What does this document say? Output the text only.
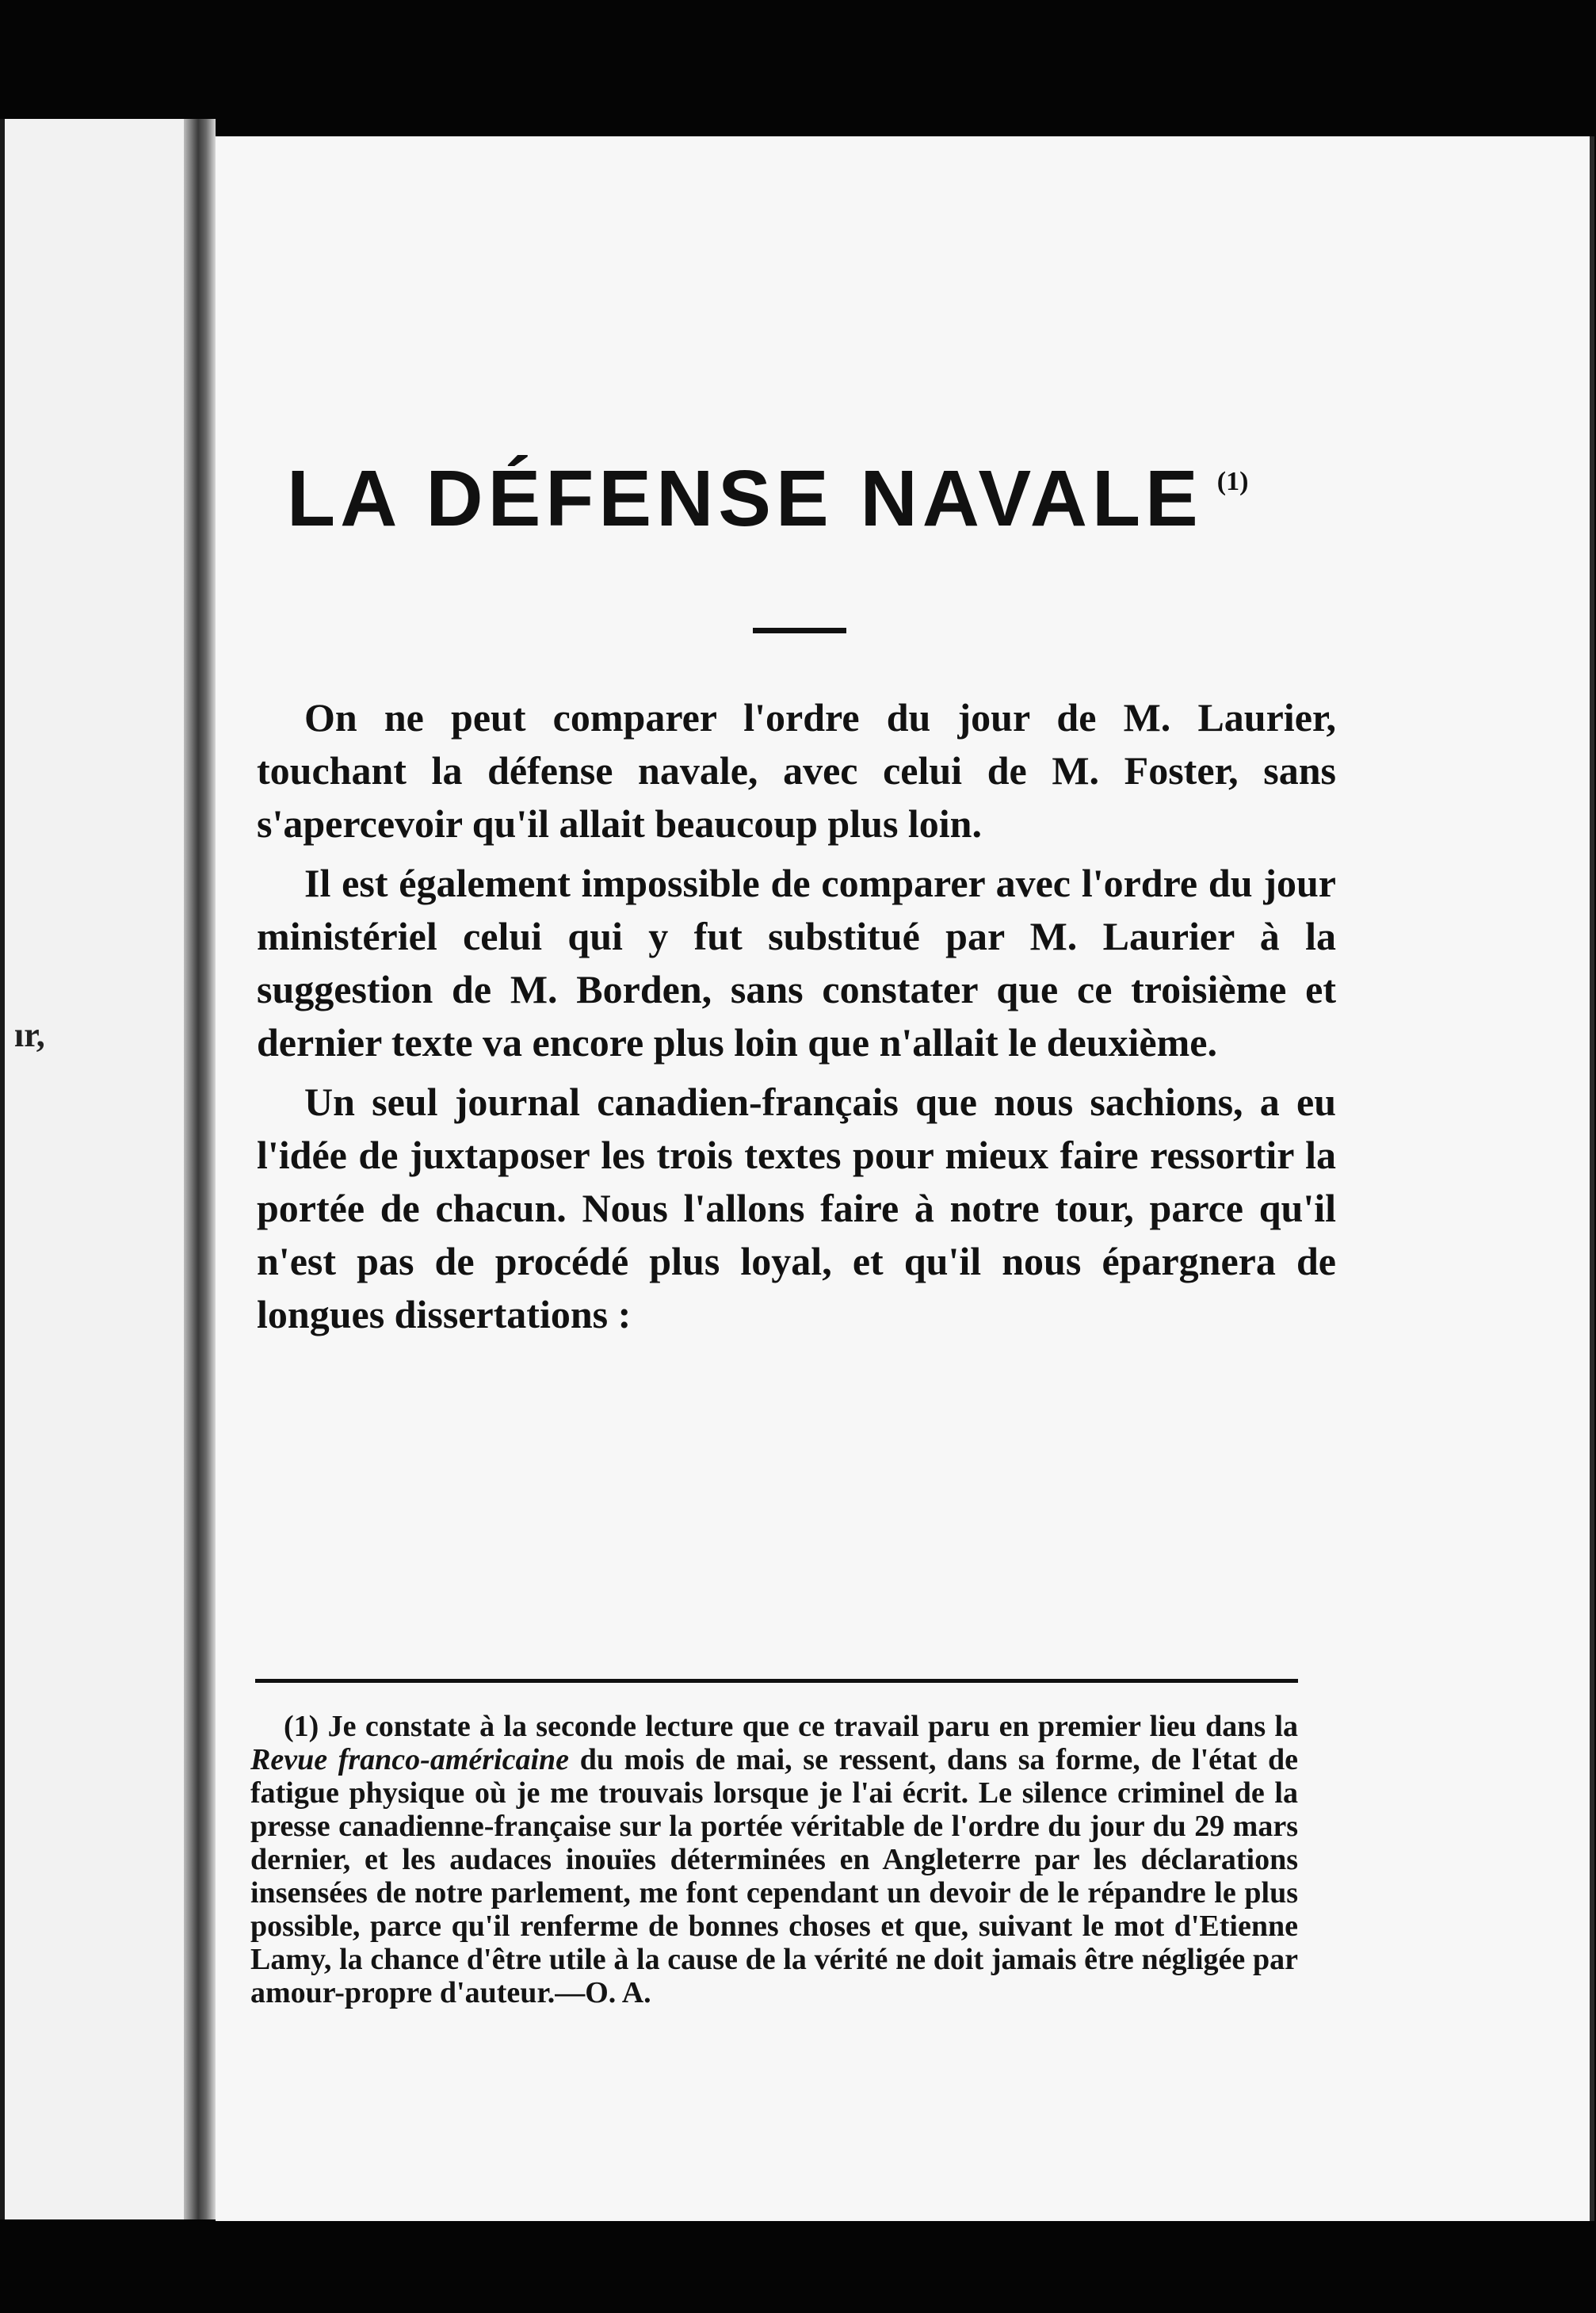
ır,
LA DÉFENSE NAVALE $^{(1)}$

On ne peut comparer l'ordre du jour de M. Laurier, touchant la défense navale, avec celui de M. Foster, sans s'apercevoir qu'il allait beaucoup plus loin.

Il est également impossible de comparer avec l'ordre du jour ministériel celui qui y fut substitué par M. Laurier à la suggestion de M. Borden, sans constater que ce troisième et dernier texte va encore plus loin que n'allait le deuxième.

Un seul journal canadien-français que nous sachions, a eu l'idée de juxtaposer les trois textes pour mieux faire ressortir la portée de chacun. Nous l'allons faire à notre tour, parce qu'il n'est pas de procédé plus loyal, et qu'il nous épargnera de longues dissertations :

(1) Je constate à la seconde lecture que ce travail paru en premier lieu dans la Revue franco-américaine du mois de mai, se ressent, dans sa forme, de l'état de fatigue physique où je me trouvais lorsque je l'ai écrit. Le silence criminel de la presse canadienne-française sur la portée véritable de l'ordre du jour du 29 mars dernier, et les audaces inouïes déterminées en Angleterre par les déclarations insensées de notre parlement, me font cependant un devoir de le répandre le plus possible, parce qu'il renferme de bonnes choses et que, suivant le mot d'Etienne Lamy, la chance d'être utile à la cause de la vérité ne doit jamais être négligée par amour-propre d'auteur.—O. A.
